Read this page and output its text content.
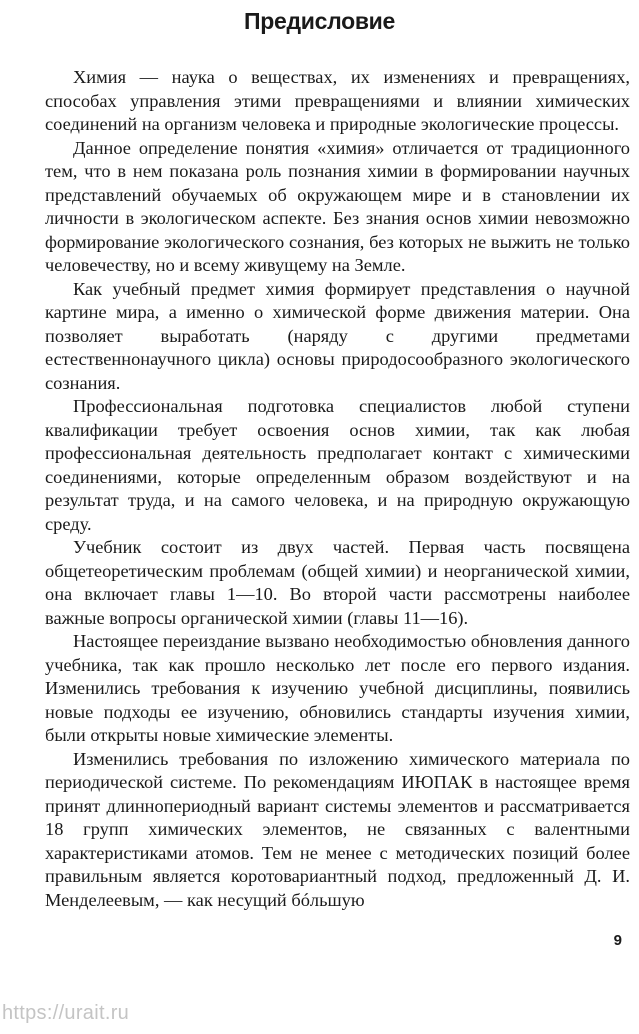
Предисловие

Химия — наука о веществах, их изменениях и превращениях, способах управления этими превращениями и влиянии химических соединений на организм человека и природные экологические процессы.

Данное определение понятия «химия» отличается от традиционного тем, что в нем показана роль познания химии в формировании научных представлений обучаемых об окружающем мире и в становлении их личности в экологическом аспекте. Без знания основ химии невозможно формирование экологического сознания, без которых не выжить не только человечеству, но и всему живущему на Земле.

Как учебный предмет химия формирует представления о научной картине мира, а именно о химической форме движения материи. Она позволяет выработать (наряду с другими предметами естественнонаучного цикла) основы природосообразного экологического сознания.

Профессиональная подготовка специалистов любой ступени квалификации требует освоения основ химии, так как любая профессиональная деятельность предполагает контакт с химическими соединениями, которые определенным образом воздействуют и на результат труда, и на самого человека, и на природную окружающую среду.

Учебник состоит из двух частей. Первая часть посвящена общетеоретическим проблемам (общей химии) и неорганической химии, она включает главы 1—10. Во второй части рассмотрены наиболее важные вопросы органической химии (главы 11—16).

Настоящее переиздание вызвано необходимостью обновления данного учебника, так как прошло несколько лет после его первого издания. Изменились требования к изучению учебной дисциплины, появились новые подходы ее изучению, обновились стандарты изучения химии, были открыты новые химические элементы.

Изменились требования по изложению химического материала по периодической системе. По рекомендациям ИЮПАК в настоящее время принят длиннопериодный вариант системы элементов и рассматривается 18 групп химических элементов, не связанных с валентными характеристиками атомов. Тем не менее с методических позиций более правильным является коротовариантный подход, предложенный Д. И. Менделеевым, — как несущий бóльшую

9
https://urait.ru
